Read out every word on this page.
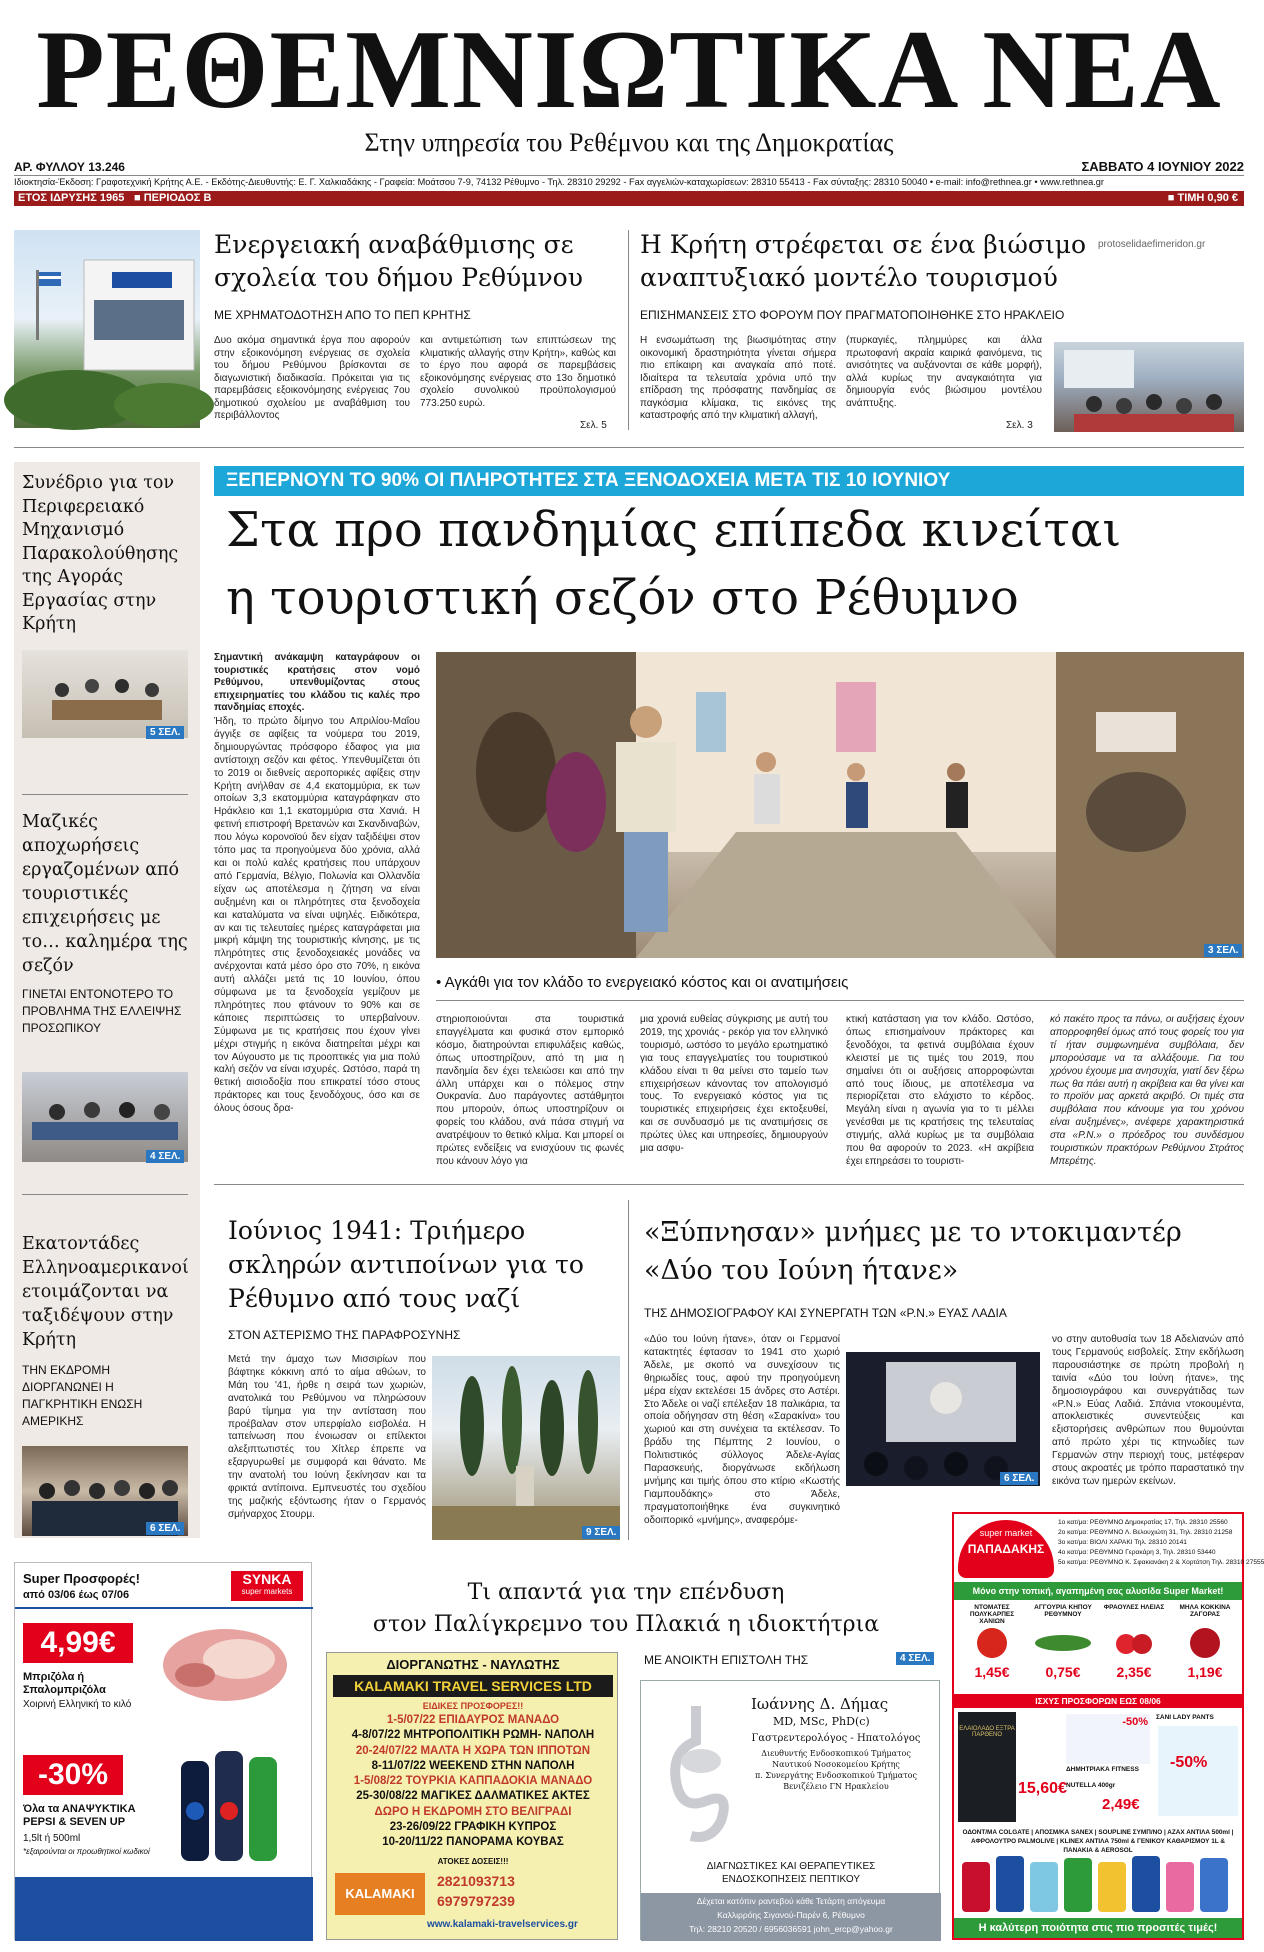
ΡΕΘΕΜΝΙΩΤΙΚΑ ΝΕΑ
Στην υπηρεσία του Ρεθέμνου και της Δημοκρατίας
ΑΡ. ΦΥΛΛΟΥ 13.246	ΣΑΒΒΑΤΟ 4 ΙΟΥΝΙΟΥ 2022
Ιδιοκτησία-Έκδοση: Γραφοτεχνική Κρήτης Α.Ε. - Εκδότης-Διευθυντής: Ε. Γ. Χαλκιαδάκης - Γραφεία: Μοάτσου 7-9, 74132 Ρέθυμνο - Τηλ. 28310 29292 - Fax αγγελιών-καταχωρίσεων: 28310 55413 - Fax σύνταξης: 28310 50040 • e-mail: info@rethnea.gr • www.rethnea.gr
ΕΤΟΣ ΙΔΡΥΣΗΣ 1965 ■ ΠΕΡΙΟΔΟΣ Β	■ ΤΙΜΗ 0,90 €
Ενεργειακή αναβάθμισης σε σχολεία του δήμου Ρεθύμνου
ΜΕ ΧΡΗΜΑΤΟΔΟΤΗΣΗ ΑΠΟ ΤΟ ΠΕΠ ΚΡΗΤΗΣ
Δυο ακόμα σημαντικά έργα που αφορούν στην εξοικονόμηση ενέργειας σε σχολεία του δήμου Ρεθύμνου βρίσκονται σε διαγωνιστική διαδικασία. Πρόκειται για τις παρεμβάσεις εξοικονόμησης ενέργειας 7ου δημοτικού σχολείου με αναβάθμιση του περιβάλλοντος
και αντιμετώπιση των επιπτώσεων της κλιματικής αλλαγής στην Κρήτη», καθώς και το έργο που αφορά σε παρεμβάσεις εξοικονόμησης ενέργειας στο 13ο δημοτικό σχολείο συνολικού προϋπολογισμού 773.250 ευρώ.
Σελ. 5
Η Κρήτη στρέφεται σε ένα βιώσιμο αναπτυξιακό μοντέλο τουρισμού
protoselidaefimeridon.gr
ΕΠΙΣΗΜΑΝΣΕΙΣ ΣΤΟ ΦΟΡΟΥΜ ΠΟΥ ΠΡΑΓΜΑΤΟΠΟΙΗΘΗΚΕ ΣΤΟ ΗΡΑΚΛΕΙΟ
Η ενσωμάτωση της βιωσιμότητας στην οικονομική δραστηριότητα γίνεται σήμερα πιο επίκαιρη και αναγκαία από ποτέ. Ιδιαίτερα τα τελευταία χρόνια υπό την επίδραση της πρόσφατης πανδημίας σε παγκόσμια κλίμακα, τις εικόνες της καταστροφής από την κλιματική αλλαγή,
(πυρκαγιές, πλημμύρες και άλλα πρωτοφανή ακραία καιρικά φαινόμενα, τις ανισότητες να αυξάνονται σε κάθε μορφή), αλλά κυρίως την αναγκαιότητα για δημιουργία ενός βιώσιμου μοντέλου ανάπτυξης.
Σελ. 3
Συνέδριο για τον Περιφερειακό Μηχανισμό Παρακολούθησης της Αγοράς Εργασίας στην Κρήτη
5 ΣΕΛ.
Μαζικές αποχωρήσεις εργαζομένων από τουριστικές επιχειρήσεις με το… καλημέρα της σεζόν
ΓΙΝΕΤΑΙ ΕΝΤΟΝΟΤΕΡΟ ΤΟ ΠΡΟΒΛΗΜΑ ΤΗΣ ΕΛΛΕΙΨΗΣ ΠΡΟΣΩΠΙΚΟΥ
4 ΣΕΛ.
Εκατοντάδες Ελληνοαμερικανοί ετοιμάζονται να ταξιδέψουν στην Κρήτη
ΤΗΝ ΕΚΔΡΟΜΗ ΔΙΟΡΓΑΝΩΝΕΙ Η ΠΑΓΚΡΗΤΙΚΗ ΕΝΩΣΗ ΑΜΕΡΙΚΗΣ
6 ΣΕΛ.
ΞΕΠΕΡΝΟΥΝ ΤΟ 90% ΟΙ ΠΛΗΡΟΤΗΤΕΣ ΣΤΑ ΞΕΝΟΔΟΧΕΙΑ ΜΕΤΑ ΤΙΣ 10 ΙΟΥΝΙΟΥ
Στα προ πανδημίας επίπεδα κινείται
η τουριστική σεζόν στο Ρέθυμνο
Σημαντική ανάκαμψη καταγράφουν οι τουριστικές κρατήσεις στον νομό Ρεθύμνου, υπενθυμίζοντας στους επιχειρηματίες του κλάδου τις καλές προ πανδημίας εποχές.
Ήδη, το πρώτο δίμηνο του Απριλίου-Μαΐου άγγιξε σε αφίξεις τα νούμερα του 2019, δημιουργώντας πρόσφορο έδαφος για μια αντίστοιχη σεζόν και φέτος. Υπενθυμίζεται ότι το 2019 οι διεθνείς αεροπορικές αφίξεις στην Κρήτη ανήλθαν σε 4,4 εκατομμύρια, εκ των οποίων 3,3 εκατομμύρια καταγράφηκαν στο Ηράκλειο και 1,1 εκατομμύρια στα Χανιά. Η φετινή επιστροφή Βρετανών και Σκανδιναβών, που λόγω κορονοϊού δεν είχαν ταξιδέψει στον τόπο μας τα προηγούμενα δύο χρόνια, αλλά και οι πολύ καλές κρατήσεις που υπάρχουν από Γερμανία, Βέλγιο, Πολωνία και Ολλανδία είχαν ως αποτέλεσμα η ζήτηση να είναι αυξημένη και οι πληρότητες στα ξενοδοχεία και καταλύματα να είναι υψηλές. Ειδικότερα, αν και τις τελευταίες ημέρες καταγράφεται μια μικρή κάμψη της τουριστικής κίνησης, με τις πληρότητες στις ξενοδοχειακές μονάδες να ανέρχονται κατά μέσο όρο στο 70%, η εικόνα αυτή αλλάζει μετά τις 10 Ιουνίου, όπου σύμφωνα με τα ξενοδοχεία γεμίζουν με πληρότητες που φτάνουν το 90% και σε κάποιες περιπτώσεις το υπερβαίνουν. Σύμφωνα με τις κρατήσεις που έχουν γίνει μέχρι στιγμής η εικόνα διατηρείται μέχρι και τον Αύγουστο με τις προοπτικές για μια πολύ καλή σεζόν να είναι ισχυρές. Ωστόσο, παρά τη θετική αισιοδοξία που επικρατεί τόσο στους πράκτορες και τους ξενοδόχους, όσο και σε όλους όσους δρα-
3 ΣΕΛ.
• Αγκάθι για τον κλάδο το ενεργειακό κόστος και οι ανατιμήσεις
στηριοποιούνται στα τουριστικά επαγγέλματα και φυσικά στον εμπορικό κόσμο, διατηρούνται επιφυλάξεις καθώς, όπως υποστηρίζουν, από τη μια η πανδημία δεν έχει τελειώσει και από την άλλη υπάρχει και ο πόλεμος στην Ουκρανία. Δυο παράγοντες αστάθμητοι που μπορούν, όπως υποστηρίζουν οι φορείς του κλάδου, ανά πάσα στιγμή να ανατρέψουν το θετικό κλίμα. Και μπορεί οι πρώτες ενδείξεις να ενισχύουν τις φωνές που κάνουν λόγο για
μια χρονιά ευθείας σύγκρισης με αυτή του 2019, της χρονιάς - ρεκόρ για τον ελληνικό τουρισμό, ωστόσο το μεγάλο ερωτηματικό για τους επαγγελματίες του τουριστικού κλάδου είναι τι θα μείνει στο ταμείο των επιχειρήσεων κάνοντας τον απολογισμό τους. Το ενεργειακό κόστος για τις τουριστικές επιχειρήσεις έχει εκτοξευθεί, και σε συνδυασμό με τις ανατιμήσεις σε πρώτες ύλες και υπηρεσίες, δημιουργούν μια ασφυ-
κτική κατάσταση για τον κλάδο. Ωστόσο, όπως επισημαίνουν πράκτορες και ξενοδόχοι, τα φετινά συμβόλαια έχουν κλειστεί με τις τιμές του 2019, που σημαίνει ότι οι αυξήσεις απορροφώνται από τους ίδιους, με αποτέλεσμα να περιορίζεται στο ελάχιστο το κέρδος. Μεγάλη είναι η αγωνία για το τι μέλλει γενέσθαι με τις κρατήσεις της τελευταίας στιγμής, αλλά κυρίως με τα συμβόλαια που θα αφορούν το 2023. «Η ακρίβεια έχει επηρεάσει το τουριστι-
κό πακέτο προς τα πάνω, οι αυξήσεις έχουν απορροφηθεί όμως από τους φορείς του για τί ήταν συμφωνημένα συμβόλαια, δεν μπορούσαμε να τα αλλάξουμε. Για του χρόνου έχουμε μια ανησυχία, γιατί δεν ξέρω πως θα πάει αυτή η ακρίβεια και θα γίνει και το προϊόν μας αρκετά ακριβό. Οι τιμές στα συμβόλαια που κάνουμε για του χρόνου είναι αυξημένες», ανέφερε χαρακτηριστικά στα «Ρ.Ν.» ο πρόεδρος του συνδέσμου τουριστικών πρακτόρων Ρεθύμνου Στράτος Μπερέτης.
Ιούνιος 1941: Τριήμερο σκληρών αντιποίνων για το Ρέθυμνο από τους ναζί
ΣΤΟΝ ΑΣΤΕΡΙΣΜΟ ΤΗΣ ΠΑΡΑΦΡΟΣΥΝΗΣ
Μετά την άμαχο των Μισσιρίων που βάφτηκε κόκκινη από το αίμα αθώων, το Μάη του '41, ήρθε η σειρά των χωριών, ανατολικά του Ρεθύμνου να πληρώσουν βαρύ τίμημα για την αντίσταση που προέβαλαν στον υπερφίαλο εισβολέα. Η ταπείνωση που ένοιωσαν οι επίλεκτοι αλεξιπτωτιστές του Χίτλερ έπρεπε να εξαργυρωθεί με συμφορά και θάνατο. Με την ανατολή του Ιούνη ξεκίνησαν και τα φρικτά αντίποινα. Εμπνευστές του σχεδίου της μαζικής εξόντωσης ήταν ο Γερμανός σμήναρχος Στουρμ.
9 ΣΕΛ.
«Ξύπνησαν» μνήμες με το ντοκιμαντέρ «Δύο του Ιούνη ήτανε»
ΤΗΣ ΔΗΜΟΣΙΟΓΡΑΦΟΥ ΚΑΙ ΣΥΝΕΡΓΑΤΗ ΤΩΝ «Ρ.Ν.» ΕΥΑΣ ΛΑΔΙΑ
«Δύο του Ιούνη ήτανε», όταν οι Γερμανοί κατακτητές έφτασαν το 1941 στο χωριό Άδελε, με σκοπό να συνεχίσουν τις θηριωδίες τους, αφού την προηγούμενη μέρα είχαν εκτελέσει 15 άνδρες στο Αστέρι. Στο Άδελε οι ναζί επέλεξαν 18 παλικάρια, τα οποία οδήγησαν στη θέση «Σαρακίνα» του χωριού και στη συνέχεια τα εκτέλεσαν. Το βράδυ της Πέμπτης 2 Ιουνίου, ο Πολιτιστικός σύλλογος Άδελε-Αγίας Παρασκευής, διοργάνωσε εκδήλωση μνήμης και τιμής όπου στο κτίριο «Κωστής Γιαμπουδάκης» στο Άδελε, πραγματοποιήθηκε ένα συγκινητικό οδοιπορικό «μνήμης», αναφερόμε-
6 ΣΕΛ.
νο στην αυτοθυσία των 18 Αδελιανών από τους Γερμανούς εισβολείς. Στην εκδήλωση παρουσιάστηκε σε πρώτη προβολή η ταινία «Δύο του Ιούνη ήτανε», της δημοσιογράφου και συνεργάτιδας των «Ρ.Ν.» Εύας Λαδιά. Σπάνια ντοκουμέντα, αποκλειστικές συνεντεύξεις και εξιστορήσεις ανθρώπων που θυμούνται από πρώτο χέρι τις κτηνωδίες των Γερμανών στην περιοχή τους, μετέφεραν στους ακροατές με τρόπο παραστατικό την εικόνα των ημερών εκείνων.
Super Προσφορές!
από 03/06 έως 07/06
SYNKA
super markets
4,99€
Μπριζόλα ή Σπαλομπριζόλα
Χοιρινή Ελληνική το κιλό
-30%
Όλα τα ΑΝΑΨΥΚΤΙΚΑ PEPSI & SEVEN UP
1,5lt ή 500ml
*εξαιρούνται οι προωθητικοί κωδικοί
Τι απαντά για την επένδυση
στον Παλίγκρεμνο του Πλακιά η ιδιοκτήτρια
ΜΕ ΑΝΟΙΚΤΗ ΕΠΙΣΤΟΛΗ ΤΗΣ	4 ΣΕΛ.
ΔΙΟΡΓΑΝΩΤΗΣ - ΝΑΥΛΩΤΗΣ
KALAMAKI TRAVEL SERVICES LTD
ΕΙΔΙΚΕΣ ΠΡΟΣΦΟΡΕΣ!!
1-5/07/22 ΕΠΙΔΑΥΡΟΣ ΜΑΝΑΔΟ
4-8/07/22 ΜΗΤΡΟΠΟΛΙΤΙΚΗ ΡΩΜΗ- ΝΑΠΟΛΗ
20-24/07/22 ΜΑΛΤΑ Η ΧΩΡΑ ΤΩΝ ΙΠΠΟΤΩΝ
8-11/07/22 WEEKEND ΣΤΗΝ ΝΑΠΟΛΗ
1-5/08/22 ΤΟΥΡΚΙΑ ΚΑΠΠΑΔΟΚΙΑ ΜΑΝΑΔΟ
25-30/08/22 ΜΑΓΙΚΕΣ ΔΑΛΜΑΤΙΚΕΣ ΑΚΤΕΣ
ΔΩΡΟ Η ΕΚΔΡΟΜΗ ΣΤΟ ΒΕΛΙΓΡΑΔΙ
23-26/09/22 ΓΡΑΦΙΚΗ ΚΥΠΡΟΣ
10-20/11/22 ΠΑΝΟΡΑΜΑ ΚΟΥΒΑΣ
ΑΤΟΚΕΣ ΔΟΣΕΙΣ!!!
KALAMAKI
2821093713
6979797239
www.kalamaki-travelservices.gr
Ιωάννης Δ. Δήμας
MD, MSc, PhD(c)
Γαστρεντερολόγος - Ηπατολόγος
Διευθυντής Ενδοσκοπικού Τμήματος
Ναυτικού Νοσοκομείου Κρήτης
π. Συνεργάτης Ενδοσκοπικού Τμήματος
Βενιζέλειο ΓΝ Ηρακλείου
ΔΙΑΓΝΩΣΤΙΚΕΣ ΚΑΙ ΘΕΡΑΠΕΥΤΙΚΕΣ
ΕΝΔΟΣΚΟΠΗΣΕΙΣ ΠΕΠΤΙΚΟΥ
Δέχεται κατόπιν ραντεβού κάθε Τετάρτη απόγευμα
Καλλιρρόης Σιγανού-Παρέν 6, Ρέθυμνο
Τηλ: 28210 20520 / 6956036591 john_ercp@yahoo.gr
super market
ΠΑΠΑΔΑΚΗΣ
1ο κατ/μα: ΡΕΘΥΜΝΟ Δημοκρατίας 17, Τηλ. 28310 25560
2ο κατ/μα: ΡΕΘΥΜΝΟ Λ. Βελουχιώτη 31, Τηλ. 28310 21258
3ο κατ/μα: ΒΙΟΛΙ ΧΑΡΑΚΙ Τηλ. 28310 20141
4ο κατ/μα: ΡΕΘΥΜΝΟ Γερακάρη 3, Τηλ. 28310 53440
5ο κατ/μα: ΡΕΘΥΜΝΟ Κ. Σφακιανάκη 2 & Χορτάτση Τηλ. 28310 27555
Μόνο στην τοπική, αγαπημένη σας αλυσίδα Super Market!
ΝΤΟΜΑΤΕΣ ΠΟΛΥΚΑΡΠΕΣ ΧΑΝΙΩΝ
1,45€
ΑΓΓΟΥΡΙΑ ΚΗΠΟΥ ΡΕΘΥΜΝΟΥ
0,75€
ΦΡΑΟΥΛΕΣ ΗΛΕΙΑΣ
2,35€
ΜΗΛΑ ΚΟΚΚΙΝΑ ΖΑΓΟΡΑΣ
1,19€
ΙΣΧΥΣ ΠΡΟΣΦΟΡΩΝ ΕΩΣ 08/06
ΕΛΑΙΟΛΑΔΟ ΕΞΤΡΑ ΠΑΡΘΕΝΟ
15,60€
-50%
ΔΗΜΗΤΡΙΑΚΑ FITNESS
NUTELLA 400gr
2,49€
ΣΑΝΙ LADY PANTS
-50%
ΟΔΟΝΤ/ΜΑ COLGATE | ΑΠΟΣΜ/ΚΑ SANEX | SOUPLINE ΣΥΜΠ/ΝΟ | ΑΖΑΧ ΑΝΤΙΛΑ 500ml | ΑΦΡΟΛΟΥΤΡΟ PALMOLIVE | KLINEX ΑΝΤΙΛΑ 750ml & ΓΕΝΙΚΟΥ ΚΑΘΑΡΙΣΜΟΥ 1L & ΠΑΝΑΚΙΑ & AEROSOL
Η καλύτερη ποιότητα στις πιο προσιτές τιμές!
